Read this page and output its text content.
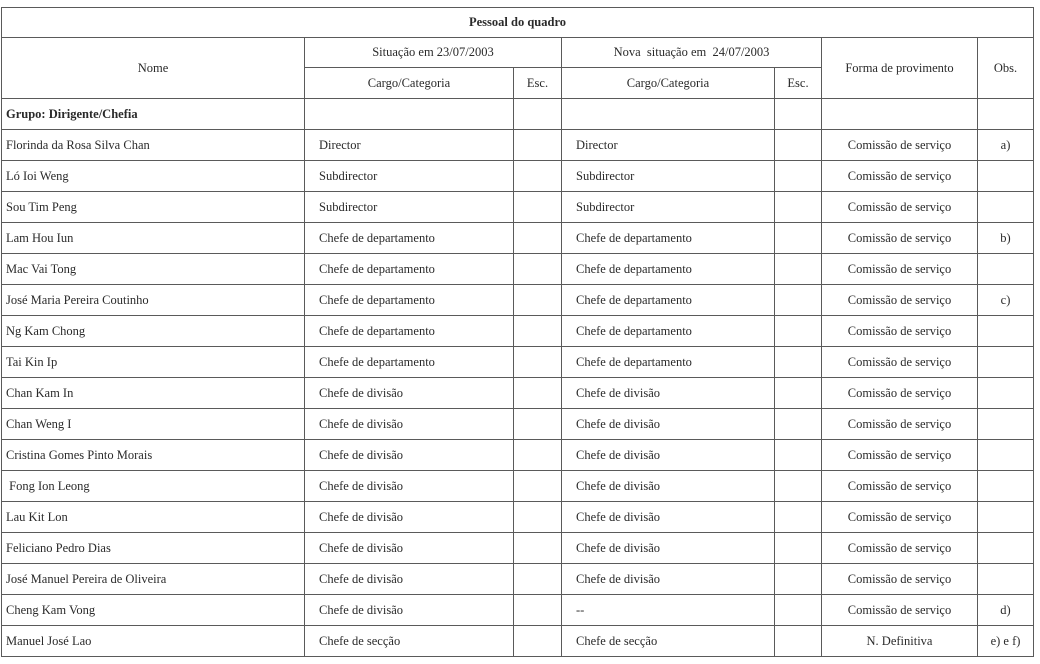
Pessoal do quadro						
Nome	Situação em 23/07/2003		Nova  situação em  24/07/2003		Forma de provimento	Obs.
	Cargo/Categoria	Esc.	Cargo/Categoria	Esc.		
Grupo: Dirigente/Chefia						
Florinda da Rosa Silva Chan	Director		Director		Comissão de serviço	a)
Ló Ioi Weng	Subdirector		Subdirector		Comissão de serviço	
Sou Tim Peng	Subdirector		Subdirector		Comissão de serviço	
Lam Hou Iun	Chefe de departamento		Chefe de departamento		Comissão de serviço	b)
Mac Vai Tong	Chefe de departamento		Chefe de departamento		Comissão de serviço	
José Maria Pereira Coutinho	Chefe de departamento		Chefe de departamento		Comissão de serviço	c)
Ng Kam Chong	Chefe de departamento		Chefe de departamento		Comissão de serviço	
Tai Kin Ip	Chefe de departamento		Chefe de departamento		Comissão de serviço	
Chan Kam In	Chefe de divisão		Chefe de divisão		Comissão de serviço	
Chan Weng I	Chefe de divisão		Chefe de divisão		Comissão de serviço	
Cristina Gomes Pinto Morais	Chefe de divisão		Chefe de divisão		Comissão de serviço	
Fong Ion Leong	Chefe de divisão		Chefe de divisão		Comissão de serviço	
Lau Kit Lon	Chefe de divisão		Chefe de divisão		Comissão de serviço	
Feliciano Pedro Dias	Chefe de divisão		Chefe de divisão		Comissão de serviço	
José Manuel Pereira de Oliveira	Chefe de divisão		Chefe de divisão		Comissão de serviço	
Cheng Kam Vong	Chefe de divisão		--		Comissão de serviço	d)
Manuel José Lao	Chefe de secção		Chefe de secção		N. Definitiva	e) e f)
